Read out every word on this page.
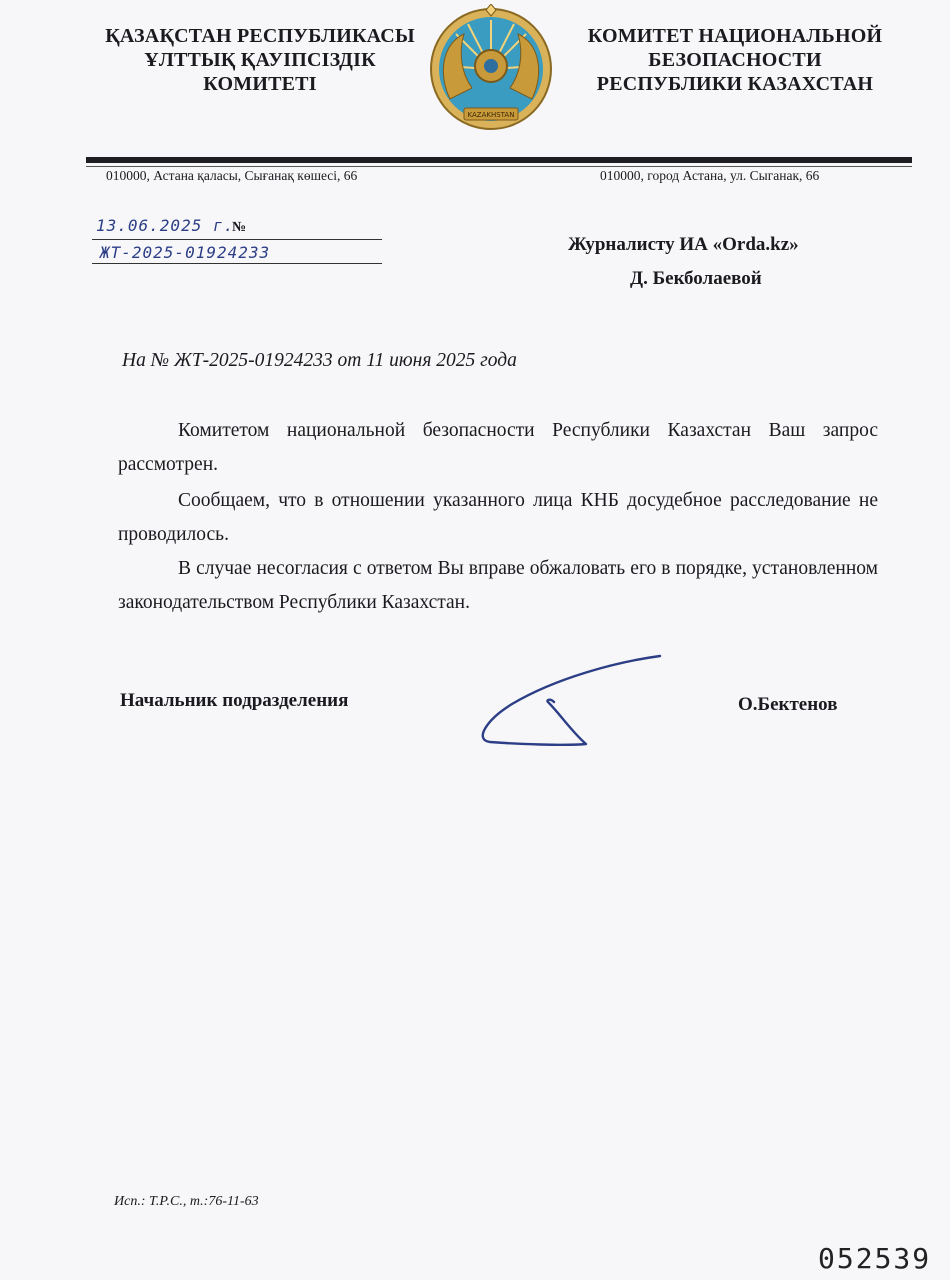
ҚАЗАҚСТАН РЕСПУБЛИКАСЫ
ҰЛТТЫҚ ҚАУІПСІЗДІК
КОМИТЕТІ
KAZAKHSTAN
КОМИТЕТ НАЦИОНАЛЬНОЙ
БЕЗОПАСНОСТИ
РЕСПУБЛИКИ КАЗАХСТАН
010000, Астана қаласы, Сығанақ көшесі, 66	010000, город Астана, ул. Сыганак, 66
13.06.2025 г.
№
ЖТ-2025-01924233	Журналисту ИА «Orda.kz»
Д. Бекболаевой
На № ЖТ-2025-01924233 от 11 июня 2025 года

Комитетом национальной безопасности Республики Казахстан Ваш запрос рассмотрен.

Сообщаем, что в отношении указанного лица КНБ досудебное расследование не проводилось.

В случае несогласия с ответом Вы вправе обжаловать его в порядке, установленном законодательством Республики Казахстан.

Начальник подразделения	О.Бектенов
Исп.: Т.Р.С., т.:76-11-63
052539
